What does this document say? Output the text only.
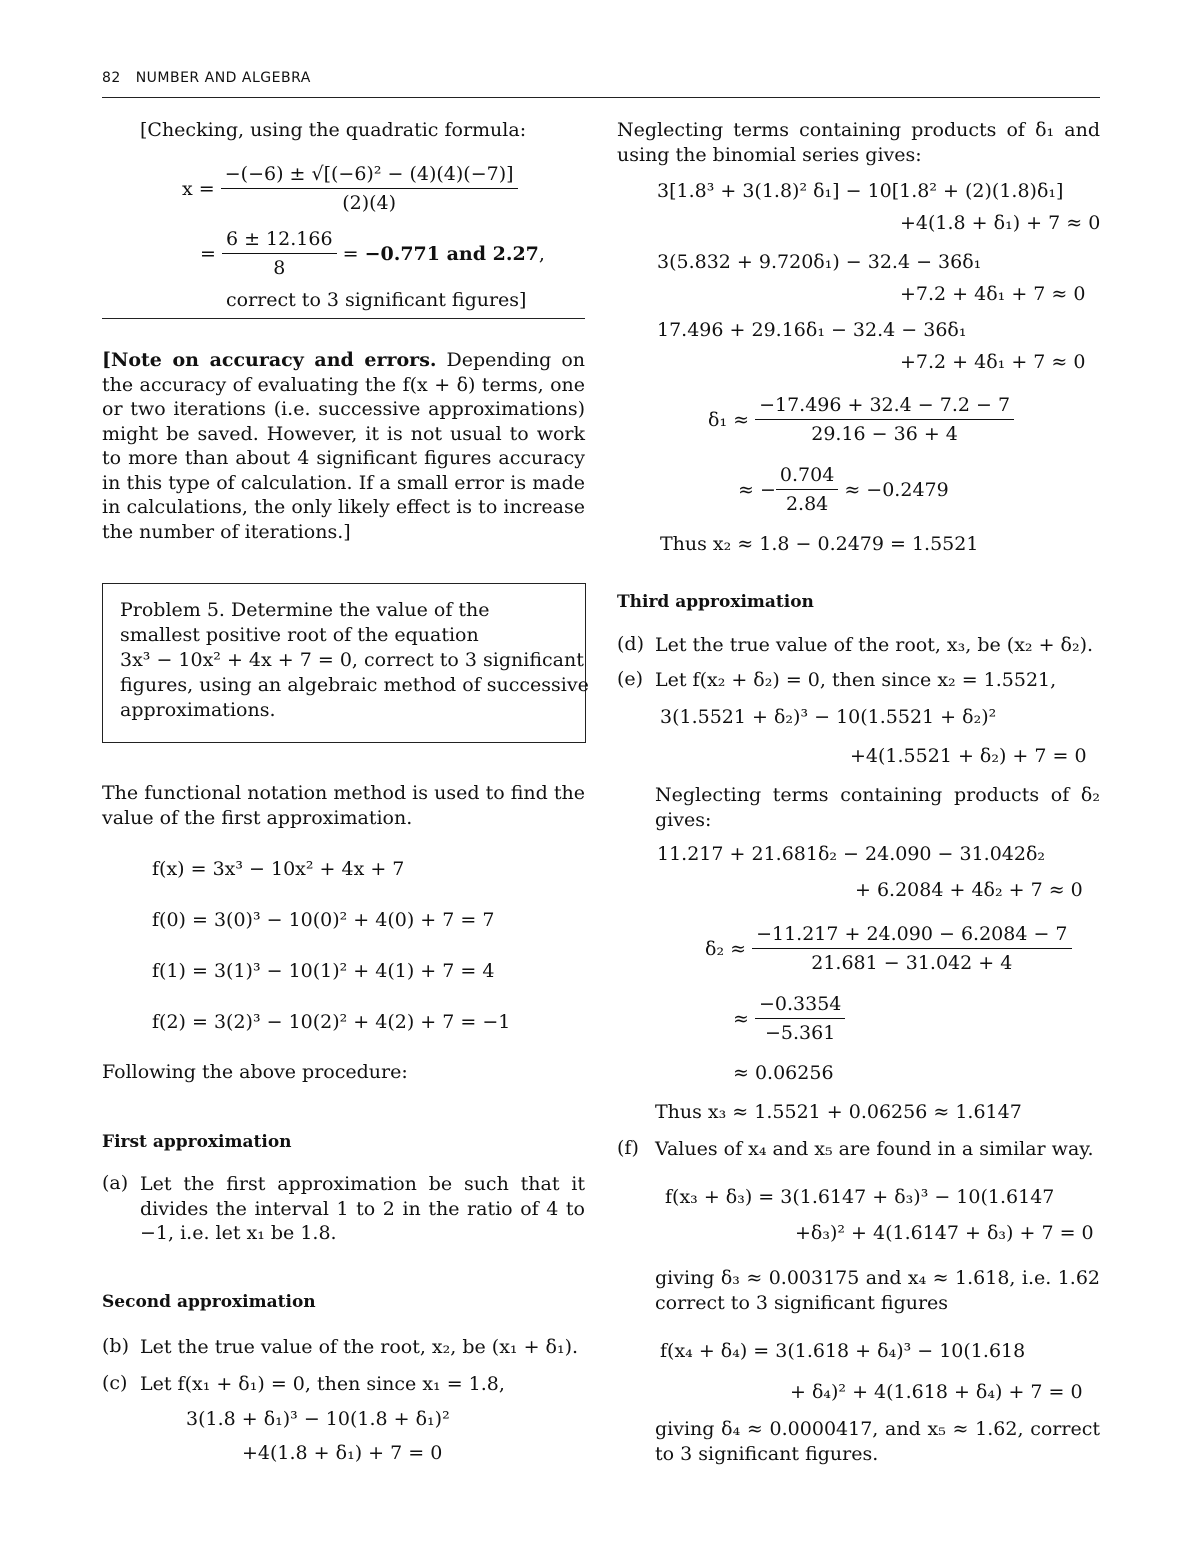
82 NUMBER AND ALGEBRA
[Checking, using the quadratic formula:
x =
$\frac{\text{−(−6) ± √[(−6)² − (4)(4)(−7)]}}{(2)(4)}$
=
$\frac{6 \pm 12.166}{8}$
=
−0.771 and 2.27 ,
correct to 3 significant figures]

[Note on accuracy and errors. Depending on the accuracy of evaluating the f(x + δ) terms, one or two iterations (i.e. successive approximations) might be saved. However, it is not usual to work to more than about 4 significant figures accuracy in this type of calculation. If a small error is made in calculations, the only likely effect is to increase the number of iterations.]

Problem 5. Determine the value of the
smallest positive root of the equation
3x³ − 10x² + 4x + 7 = 0, correct to 3 significant
figures, using an algebraic method of successive
approximations.

The functional notation method is used to find the value of the first approximation.

f(x) = 3x³ − 10x² + 4x + 7
f(0) = 3(0)³ − 10(0)² + 4(0) + 7 = 7
f(1) = 3(1)³ − 10(1)² + 4(1) + 7 = 4
f(2) = 3(2)³ − 10(2)² + 4(2) + 7 = −1
Following the above procedure:
First approximation
(a) Let the first approximation be such that it divides the interval 1 to 2 in the ratio of 4 to −1, i.e. let x₁ be 1.8.
Second approximation
(b) Let the true value of the root, x₂, be (x₁ + δ₁).
(c) Let f(x₁ + δ₁) = 0, then since x₁ = 1.8,
3(1.8 + δ₁)³ − 10(1.8 + δ₁)²
+4(1.8 + δ₁) + 7 = 0

Neglecting terms containing products of δ₁ and using the binomial series gives:

3[1.8³ + 3(1.8)² δ₁] − 10[1.8² + (2)(1.8)δ₁]
+4(1.8 + δ₁) + 7 ≈ 0
3(5.832 + 9.720δ₁) − 32.4 − 36δ₁
+7.2 + 4δ₁ + 7 ≈ 0
17.496 + 29.16δ₁ − 32.4 − 36δ₁
+7.2 + 4δ₁ + 7 ≈ 0
δ₁ ≈
$\frac{-17.496 + 32.4 - 7.2 - 7}{29.16 - 36 + 4}$
≈ − $\frac{0.704}{2.84}$
≈ −0.2479
Thus x₂ ≈ 1.8 − 0.2479 = 1.5521
Third approximation
(d) Let the true value of the root, x₃, be (x₂ + δ₂).
(e) Let f(x₂ + δ₂) = 0, then since x₂ = 1.5521,
3(1.5521 + δ₂)³ − 10(1.5521 + δ₂)²
+4(1.5521 + δ₂) + 7 = 0
Neglecting terms containing products of δ₂ gives:
11.217 + 21.681δ₂ − 24.090 − 31.042δ₂
+ 6.2084 + 4δ₂ + 7 ≈ 0
δ₂ ≈
$\frac{-11.217 + 24.090 - 6.2084 - 7}{21.681 - 31.042 + 4}$
≈
$\frac{-0.3354}{-5.361}$
≈ 0.06256
Thus x₃ ≈ 1.5521 + 0.06256 ≈ 1.6147
(f) Values of x₄ and x₅ are found in a similar way.
f(x₃ + δ₃) = 3(1.6147 + δ₃)³ − 10(1.6147
+δ₃)² + 4(1.6147 + δ₃) + 7 = 0
giving δ₃ ≈ 0.003175 and x₄ ≈ 1.618, i.e. 1.62 correct to 3 significant figures
f(x₄ + δ₄) = 3(1.618 + δ₄)³ − 10(1.618
+ δ₄)² + 4(1.618 + δ₄) + 7 = 0
giving δ₄ ≈ 0.0000417, and x₅ ≈ 1.62, correct to 3 significant figures.
